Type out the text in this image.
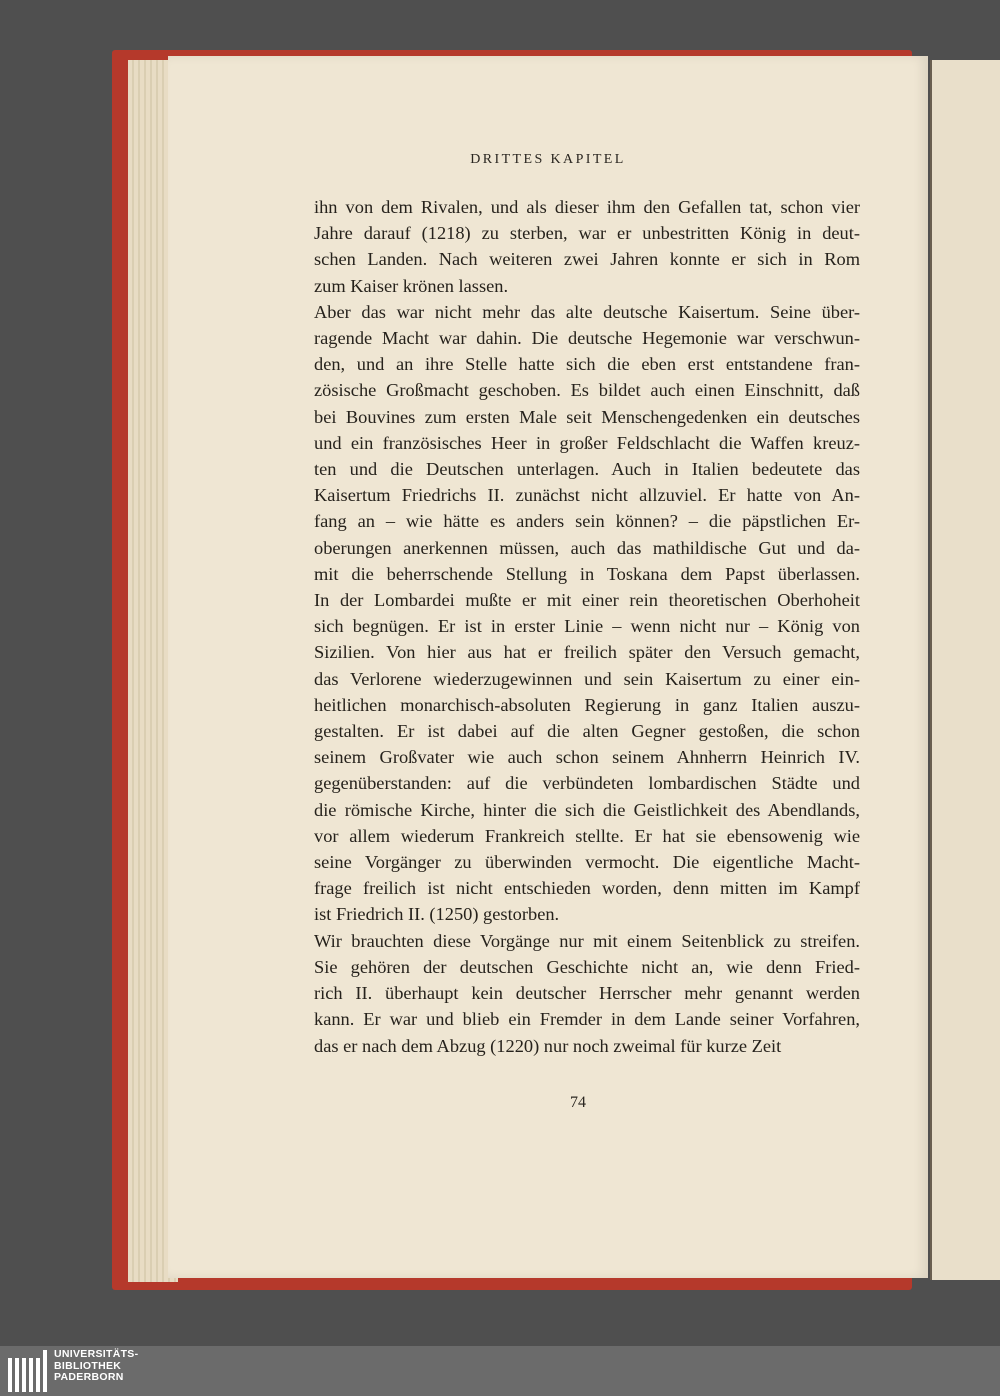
DRITTES KAPITEL
ihn von dem Rivalen, und als dieser ihm den Gefallen tat, schon vier
Jahre darauf (1218) zu sterben, war er unbestritten König in deut-
schen Landen. Nach weiteren zwei Jahren konnte er sich in Rom
zum Kaiser krönen lassen.
Aber das war nicht mehr das alte deutsche Kaisertum. Seine über-
ragende Macht war dahin. Die deutsche Hegemonie war verschwun-
den, und an ihre Stelle hatte sich die eben erst entstandene fran-
zösische Großmacht geschoben. Es bildet auch einen Einschnitt, daß
bei Bouvines zum ersten Male seit Menschengedenken ein deutsches
und ein französisches Heer in großer Feldschlacht die Waffen kreuz-
ten und die Deutschen unterlagen. Auch in Italien bedeutete das
Kaisertum Friedrichs II. zunächst nicht allzuviel. Er hatte von An-
fang an – wie hätte es anders sein können? – die päpstlichen Er-
oberungen anerkennen müssen, auch das mathildische Gut und da-
mit die beherrschende Stellung in Toskana dem Papst überlassen.
In der Lombardei mußte er mit einer rein theoretischen Oberhoheit
sich begnügen. Er ist in erster Linie – wenn nicht nur – König von
Sizilien. Von hier aus hat er freilich später den Versuch gemacht,
das Verlorene wiederzugewinnen und sein Kaisertum zu einer ein-
heitlichen monarchisch-absoluten Regierung in ganz Italien auszu-
gestalten. Er ist dabei auf die alten Gegner gestoßen, die schon
seinem Großvater wie auch schon seinem Ahnherrn Heinrich IV.
gegenüberstanden: auf die verbündeten lombardischen Städte und
die römische Kirche, hinter die sich die Geistlichkeit des Abendlands,
vor allem wiederum Frankreich stellte. Er hat sie ebensowenig wie
seine Vorgänger zu überwinden vermocht. Die eigentliche Macht-
frage freilich ist nicht entschieden worden, denn mitten im Kampf
ist Friedrich II. (1250) gestorben.
Wir brauchten diese Vorgänge nur mit einem Seitenblick zu streifen.
Sie gehören der deutschen Geschichte nicht an, wie denn Fried-
rich II. überhaupt kein deutscher Herrscher mehr genannt werden
kann. Er war und blieb ein Fremder in dem Lande seiner Vorfahren,
das er nach dem Abzug (1220) nur noch zweimal für kurze Zeit
74
UNIVERSITÄTS-
BIBLIOTHEK
PADERBORN
